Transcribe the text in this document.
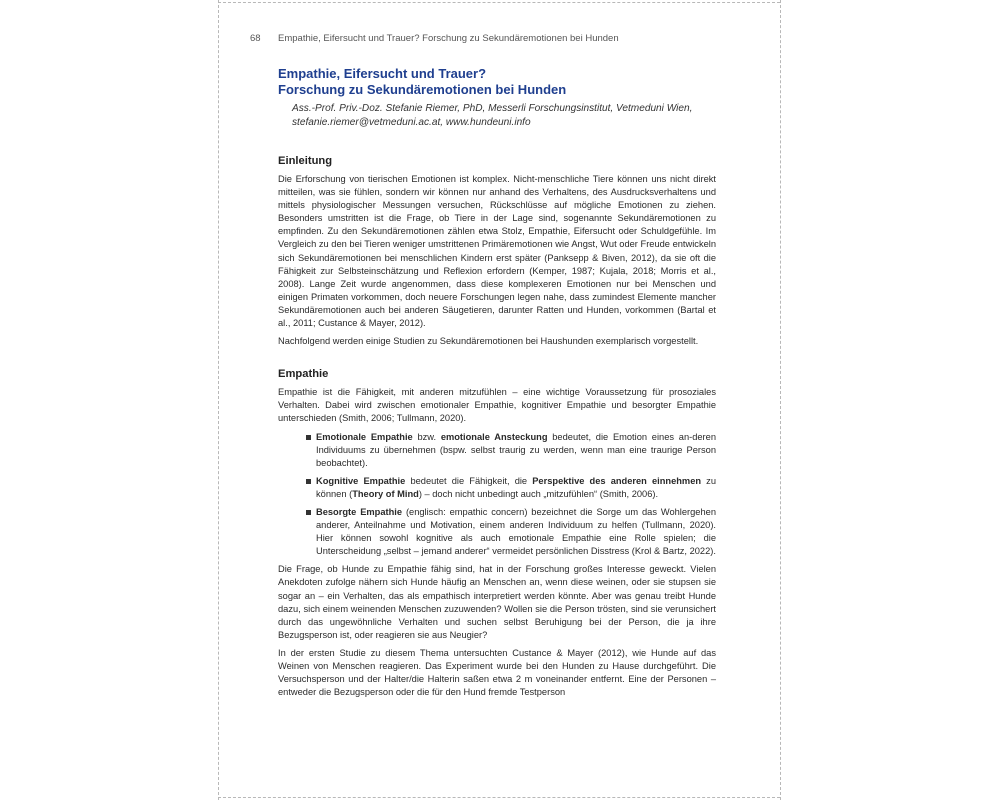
68 Empathie, Eifersucht und Trauer? Forschung zu Sekundäremotionen bei Hunden
Empathie, Eifersucht und Trauer?
Forschung zu Sekundäremotionen bei Hunden
Ass.-Prof. Priv.-Doz. Stefanie Riemer, PhD, Messerli Forschungsinstitut, Vetmeduni Wien,
stefanie.riemer@vetmeduni.ac.at, www.hundeuni.info
Einleitung

Die Erforschung von tierischen Emotionen ist komplex. Nicht-menschliche Tiere können uns nicht direkt mitteilen, was sie fühlen, sondern wir können nur anhand des Verhaltens, des Ausdrucksverhaltens und mittels physiologischer Messungen versuchen, Rückschlüsse auf mögliche Emotionen zu ziehen. Besonders umstritten ist die Frage, ob Tiere in der Lage sind, sogenannte Sekundäremotionen zu empfinden. Zu den Sekundäremotionen zählen etwa Stolz, Empathie, Eifersucht oder Schuldgefühle. Im Vergleich zu den bei Tieren weniger umstrittenen Primäremotionen wie Angst, Wut oder Freude entwickeln sich Sekundäremotionen bei menschlichen Kindern erst später (Panksepp & Biven, 2012), da sie oft die Fähigkeit zur Selbsteinschätzung und Reflexion erfordern (Kemper, 1987; Kujala, 2018; Morris et al., 2008). Lange Zeit wurde angenommen, dass diese komplexeren Emotionen nur bei Menschen und einigen Primaten vorkommen, doch neuere Forschungen legen nahe, dass zumindest Elemente mancher Sekundäremotionen auch bei anderen Säugetieren, darunter Ratten und Hunden, vorkommen (Bartal et al., 2011; Custance & Mayer, 2012).

Nachfolgend werden einige Studien zu Sekundäremotionen bei Haushunden exemplarisch vorgestellt.

Empathie

Empathie ist die Fähigkeit, mit anderen mitzufühlen – eine wichtige Voraussetzung für prosoziales Verhalten. Dabei wird zwischen emotionaler Empathie, kognitiver Empathie und besorgter Empathie unterschieden (Smith, 2006; Tullmann, 2020).

Emotionale Empathie bzw. emotionale Ansteckung bedeutet, die Emotion eines an-deren Individuums zu übernehmen (bspw. selbst traurig zu werden, wenn man eine traurige Person beobachtet).
Kognitive Empathie bedeutet die Fähigkeit, die Perspektive des anderen einnehmen zu können (Theory of Mind) – doch nicht unbedingt auch „mitzufühlen“ (Smith, 2006).
Besorgte Empathie (englisch: empathic concern) bezeichnet die Sorge um das Wohlergehen anderer, Anteilnahme und Motivation, einem anderen Individuum zu helfen (Tullmann, 2020). Hier können sowohl kognitive als auch emotionale Empathie eine Rolle spielen; die Unterscheidung „selbst – jemand anderer“ vermeidet persönlichen Disstress (Krol & Bartz, 2022).

Die Frage, ob Hunde zu Empathie fähig sind, hat in der Forschung großes Interesse geweckt. Vielen Anekdoten zufolge nähern sich Hunde häufig an Menschen an, wenn diese weinen, oder sie stupsen sie sogar an – ein Verhalten, das als empathisch interpretiert werden könnte. Aber was genau treibt Hunde dazu, sich einem weinenden Menschen zuzuwenden? Wollen sie die Person trösten, sind sie verunsichert durch das ungewöhnliche Verhalten und suchen selbst Beruhigung bei der Person, die ja ihre Bezugsperson ist, oder reagieren sie aus Neugier?

In der ersten Studie zu diesem Thema untersuchten Custance & Mayer (2012), wie Hunde auf das Weinen von Menschen reagieren. Das Experiment wurde bei den Hunden zu Hause durchgeführt. Die Versuchsperson und der Halter/die Halterin saßen etwa 2 m voneinander entfernt. Eine der Personen – entweder die Bezugsperson oder die für den Hund fremde Testperson
